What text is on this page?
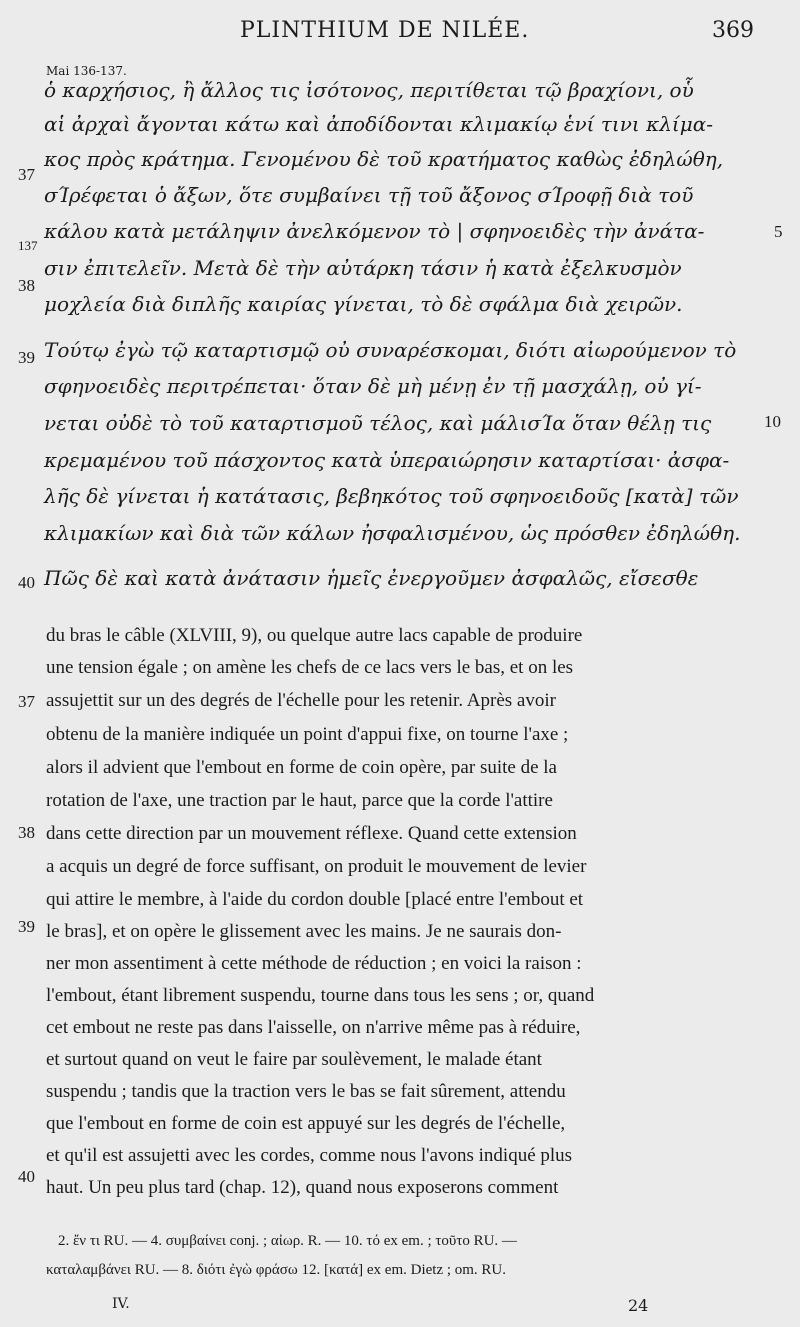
PLINTHIUM DE NILÉE.	369
Mai 136-137.
ὁ καρχήσιος, ἢ ἄλλος τις ἰσότονος, περιτίθεται τῷ βραχίονι, οὗ
αἱ ἀρχαὶ ἄγονται κάτω καὶ ἀποδίδονται κλιμακίῳ ἑνί τινι κλίμα-
κος πρὸς κράτημα. Γενομένου δὲ τοῦ κρατήματος καθὼς ἐδηλώθη,
σΊρέφεται ὁ ἄξων, ὅτε συμβαίνει τῇ τοῦ ἄξονος σΊροφῇ διὰ τοῦ
κάλου κατὰ μετάληψιν ἀνελκόμενον τὸ | σφηνοειδὲς τὴν ἀνάτα-
σιν ἐπιτελεῖν. Μετὰ δὲ τὴν αὐτάρκη τάσιν ἡ κατὰ ἐξελκυσμὸν
μοχλεία διὰ διπλῆς καιρίας γίνεται, τὸ δὲ σφάλμα διὰ χειρῶν.
Τούτῳ ἐγὼ τῷ καταρτισμῷ οὐ συναρέσκομαι, διότι αἰωρούμενον τὸ
σφηνοειδὲς περιτρέπεται· ὅταν δὲ μὴ μένῃ ἐν τῇ μασχάλῃ, οὐ γί-
νεται οὐδὲ τὸ τοῦ καταρτισμοῦ τέλος, καὶ μάλισΊα ὅταν θέλῃ τις
κρεμαμένου τοῦ πάσχοντος κατὰ ὑπεραιώρησιν καταρτίσαι· ἀσφα-
λῆς δὲ γίνεται ἡ κατάτασις, βεβηκότος τοῦ σφηνοειδοῦς [κατὰ] τῶν
κλιμακίων καὶ διὰ τῶν κάλων ἠσφαλισμένου, ὡς πρόσθεν ἐδηλώθη.
Πῶς δὲ καὶ κατὰ ἀνάτασιν ἡμεῖς ἐνεργοῦμεν ἀσφαλῶς, εἴσεσθε
37
137
38
39
40
5
10
du bras le câble (XLVIII, 9), ou quelque autre lacs capable de produire
une tension égale ; on amène les chefs de ce lacs vers le bas, et on les
assujettit sur un des degrés de l'échelle pour les retenir. Après avoir
obtenu de la manière indiquée un point d'appui fixe, on tourne l'axe ;
alors il advient que l'embout en forme de coin opère, par suite de la
rotation de l'axe, une traction par le haut, parce que la corde l'attire
dans cette direction par un mouvement réflexe. Quand cette extension
a acquis un degré de force suffisant, on produit le mouvement de levier
qui attire le membre, à l'aide du cordon double [placé entre l'embout et
le bras], et on opère le glissement avec les mains. Je ne saurais don-
ner mon assentiment à cette méthode de réduction ; en voici la raison :
l'embout, étant librement suspendu, tourne dans tous les sens ; or, quand
cet embout ne reste pas dans l'aisselle, on n'arrive même pas à réduire,
et surtout quand on veut le faire par soulèvement, le malade étant
suspendu ; tandis que la traction vers le bas se fait sûrement, attendu
que l'embout en forme de coin est appuyé sur les degrés de l'échelle,
et qu'il est assujetti avec les cordes, comme nous l'avons indiqué plus
haut. Un peu plus tard (chap. 12), quand nous exposerons comment
37
38
39
40
2. ἔν τι RU. — 4. συμβαίνει conj. ; αἰωρ. R. — 10. τό ex em. ; τοῦτο RU. —
καταλαμβάνει RU. — 8. διότι ἐγὼ φράσω 12. [κατά] ex em. Dietz ; om. RU.
IV.	24
